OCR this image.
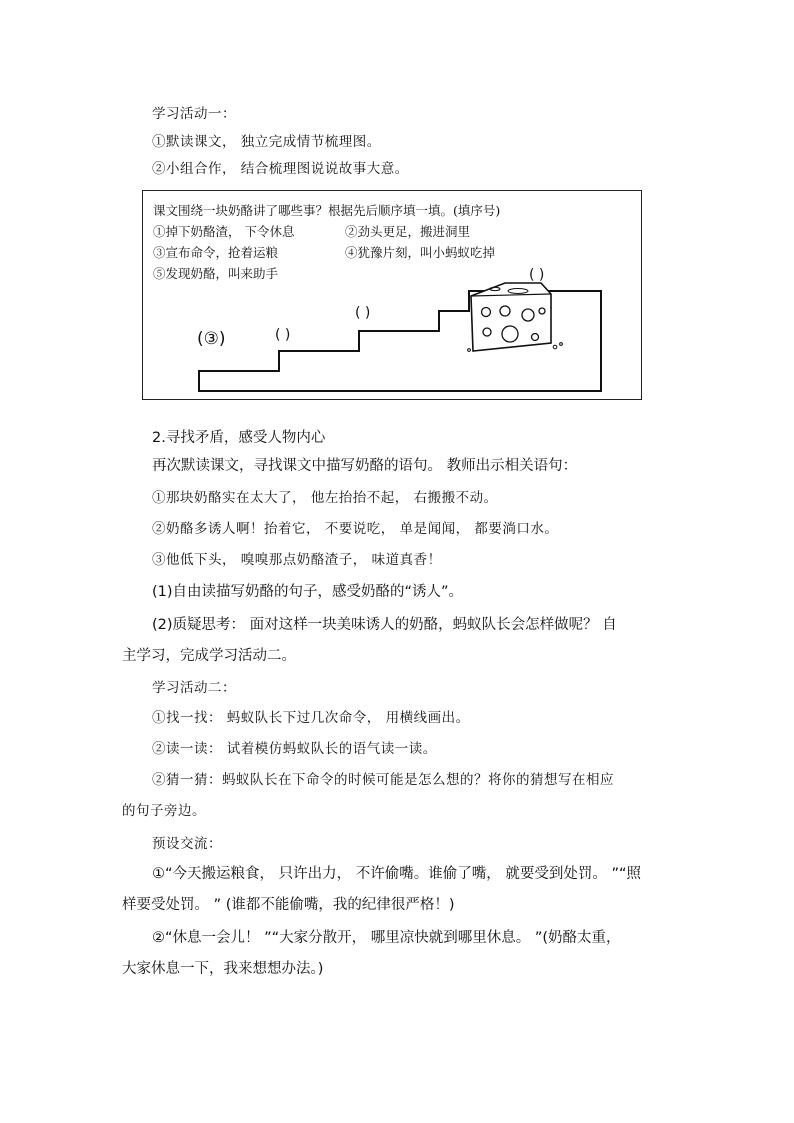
学习活动一：
①默读课文， 独立完成情节梳理图。
②小组合作， 结合梳理图说说故事大意。
课文围绕一块奶酪讲了哪些事？根据先后顺序填一填。(填序号)
①掉下奶酪渣， 下令休息	②劲头更足，搬进洞里
③宣布命令，抢着运粮	④犹豫片刻，叫小蚂蚁吃掉
⑤发现奶酪，叫来助手
(③)	( )
( )
( )
2.寻找矛盾，感受人物内心
再次默读课文，寻找课文中描写奶酪的语句。 教师出示相关语句：
①那块奶酪实在太大了， 他左抬抬不起， 右搬搬不动。
②奶酪多诱人啊！抬着它， 不要说吃， 单是闻闻， 都要淌口水。
③他低下头， 嗅嗅那点奶酪渣子， 味道真香！
(1)自由读描写奶酪的句子，感受奶酪的“诱人”。
(2)质疑思考： 面对这样一块美味诱人的奶酪，蚂蚁队长会怎样做呢？ 自
主学习，完成学习活动二。
学习活动二：
①找一找： 蚂蚁队长下过几次命令， 用横线画出。
②读一读： 试着模仿蚂蚁队长的语气读一读。
②猜一猜：蚂蚁队长在下命令的时候可能是怎么想的？将你的猜想写在相应
的句子旁边。
预设交流：
①“今天搬运粮食， 只许出力， 不许偷嘴。谁偷了嘴， 就要受到处罚。 ”“照
样要受处罚。 ” (谁都不能偷嘴，我的纪律很严格！)
②“休息一会儿！ ”“大家分散开， 哪里凉快就到哪里休息。 ”(奶酪太重，
大家休息一下，我来想想办法。)
